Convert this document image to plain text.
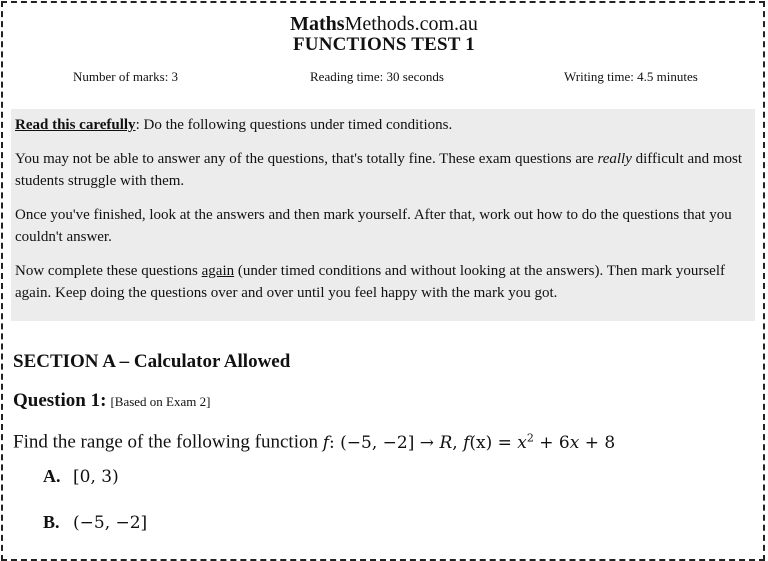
MathsMethods.com.au
FUNCTIONS TEST 1
Number of marks: 3	Reading time: 30 seconds	Writing time: 4.5 minutes

Read this carefully: Do the following questions under timed conditions.

You may not be able to answer any of the questions, that's totally fine. These exam questions are really difficult and most students struggle with them.

Once you've finished, look at the answers and then mark yourself. After that, work out how to do the questions that you couldn't answer.

Now complete these questions again (under timed conditions and without looking at the answers). Then mark yourself again. Keep doing the questions over and over until you feel happy with the mark you got.

SECTION A – Calculator Allowed
Question 1: [Based on Exam 2]
Find the range of the following function f: (−5, −2] → R, $f(x) = x^2 + 6x + 8$
A. [0, 3)
B. (−5, −2]
